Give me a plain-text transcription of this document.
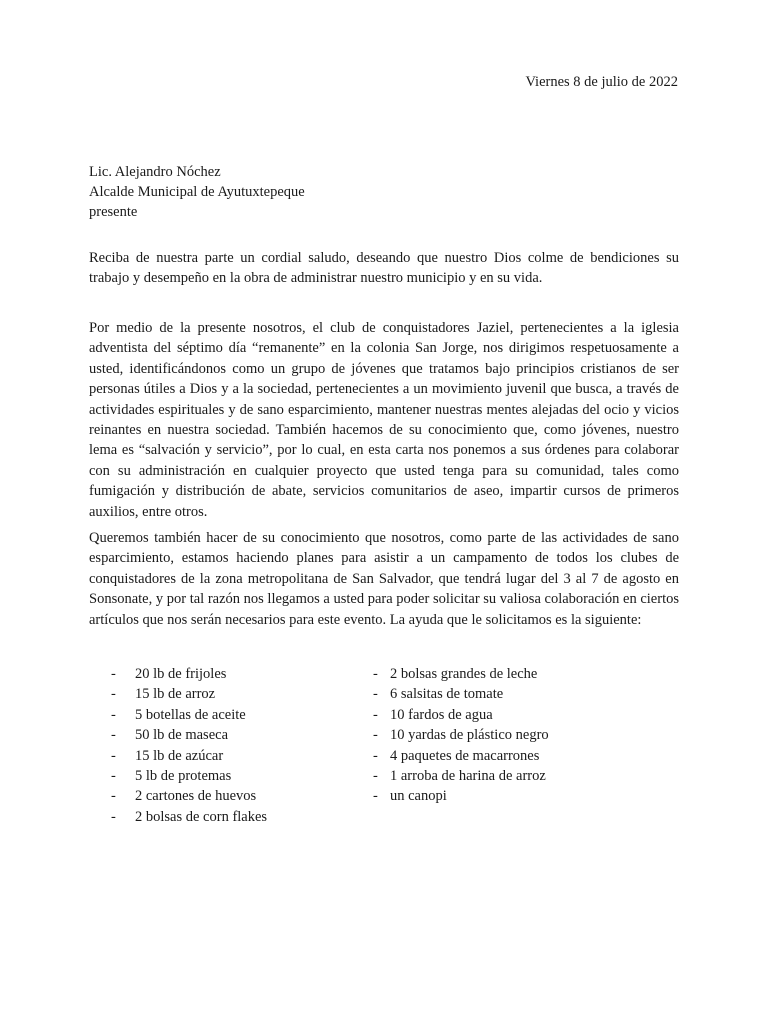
Viernes 8 de julio de 2022
Lic. Alejandro Nóchez
Alcalde Municipal de Ayutuxtepeque
presente

Reciba de nuestra parte un cordial saludo, deseando que nuestro Dios colme de bendiciones su trabajo y desempeño en la obra de administrar nuestro municipio y en su vida.

Por medio de la presente nosotros, el club de conquistadores Jaziel, pertenecientes a la iglesia adventista del séptimo día “remanente” en la colonia San Jorge, nos dirigimos respetuosamente a usted, identificándonos como un grupo de jóvenes que tratamos bajo principios cristianos de ser personas útiles a Dios y a la sociedad, pertenecientes a un movimiento juvenil que busca, a través de actividades espirituales y de sano esparcimiento, mantener nuestras mentes alejadas del ocio y vicios reinantes en nuestra sociedad. También hacemos de su conocimiento que, como jóvenes, nuestro lema es “salvación y servicio”, por lo cual, en esta carta nos ponemos a sus órdenes para colaborar con su administración en cualquier proyecto que usted tenga para su comunidad, tales como fumigación y distribución de abate, servicios comunitarios de aseo, impartir cursos de primeros auxilios, entre otros.

Queremos también hacer de su conocimiento que nosotros, como parte de las actividades de sano esparcimiento, estamos haciendo planes para asistir a un campamento de todos los clubes de conquistadores de la zona metropolitana de San Salvador, que tendrá lugar del 3 al 7 de agosto en Sonsonate, y por tal razón nos llegamos a usted para poder solicitar su valiosa colaboración en ciertos artículos que nos serán necesarios para este evento. La ayuda que le solicitamos es la siguiente:

-	20 lb de frijoles
-	15 lb de arroz
-	5 botellas de aceite
-	50 lb de maseca
-	15 lb de azúcar
-	5 lb de protemas
-	2 cartones de huevos
-	2 bolsas de corn flakes
- 2 bolsas grandes de leche
- 6 salsitas de tomate
- 10 fardos de agua
- 10 yardas de plástico negro
- 4 paquetes de macarrones
- 1 arroba de harina de arroz
- un canopi
